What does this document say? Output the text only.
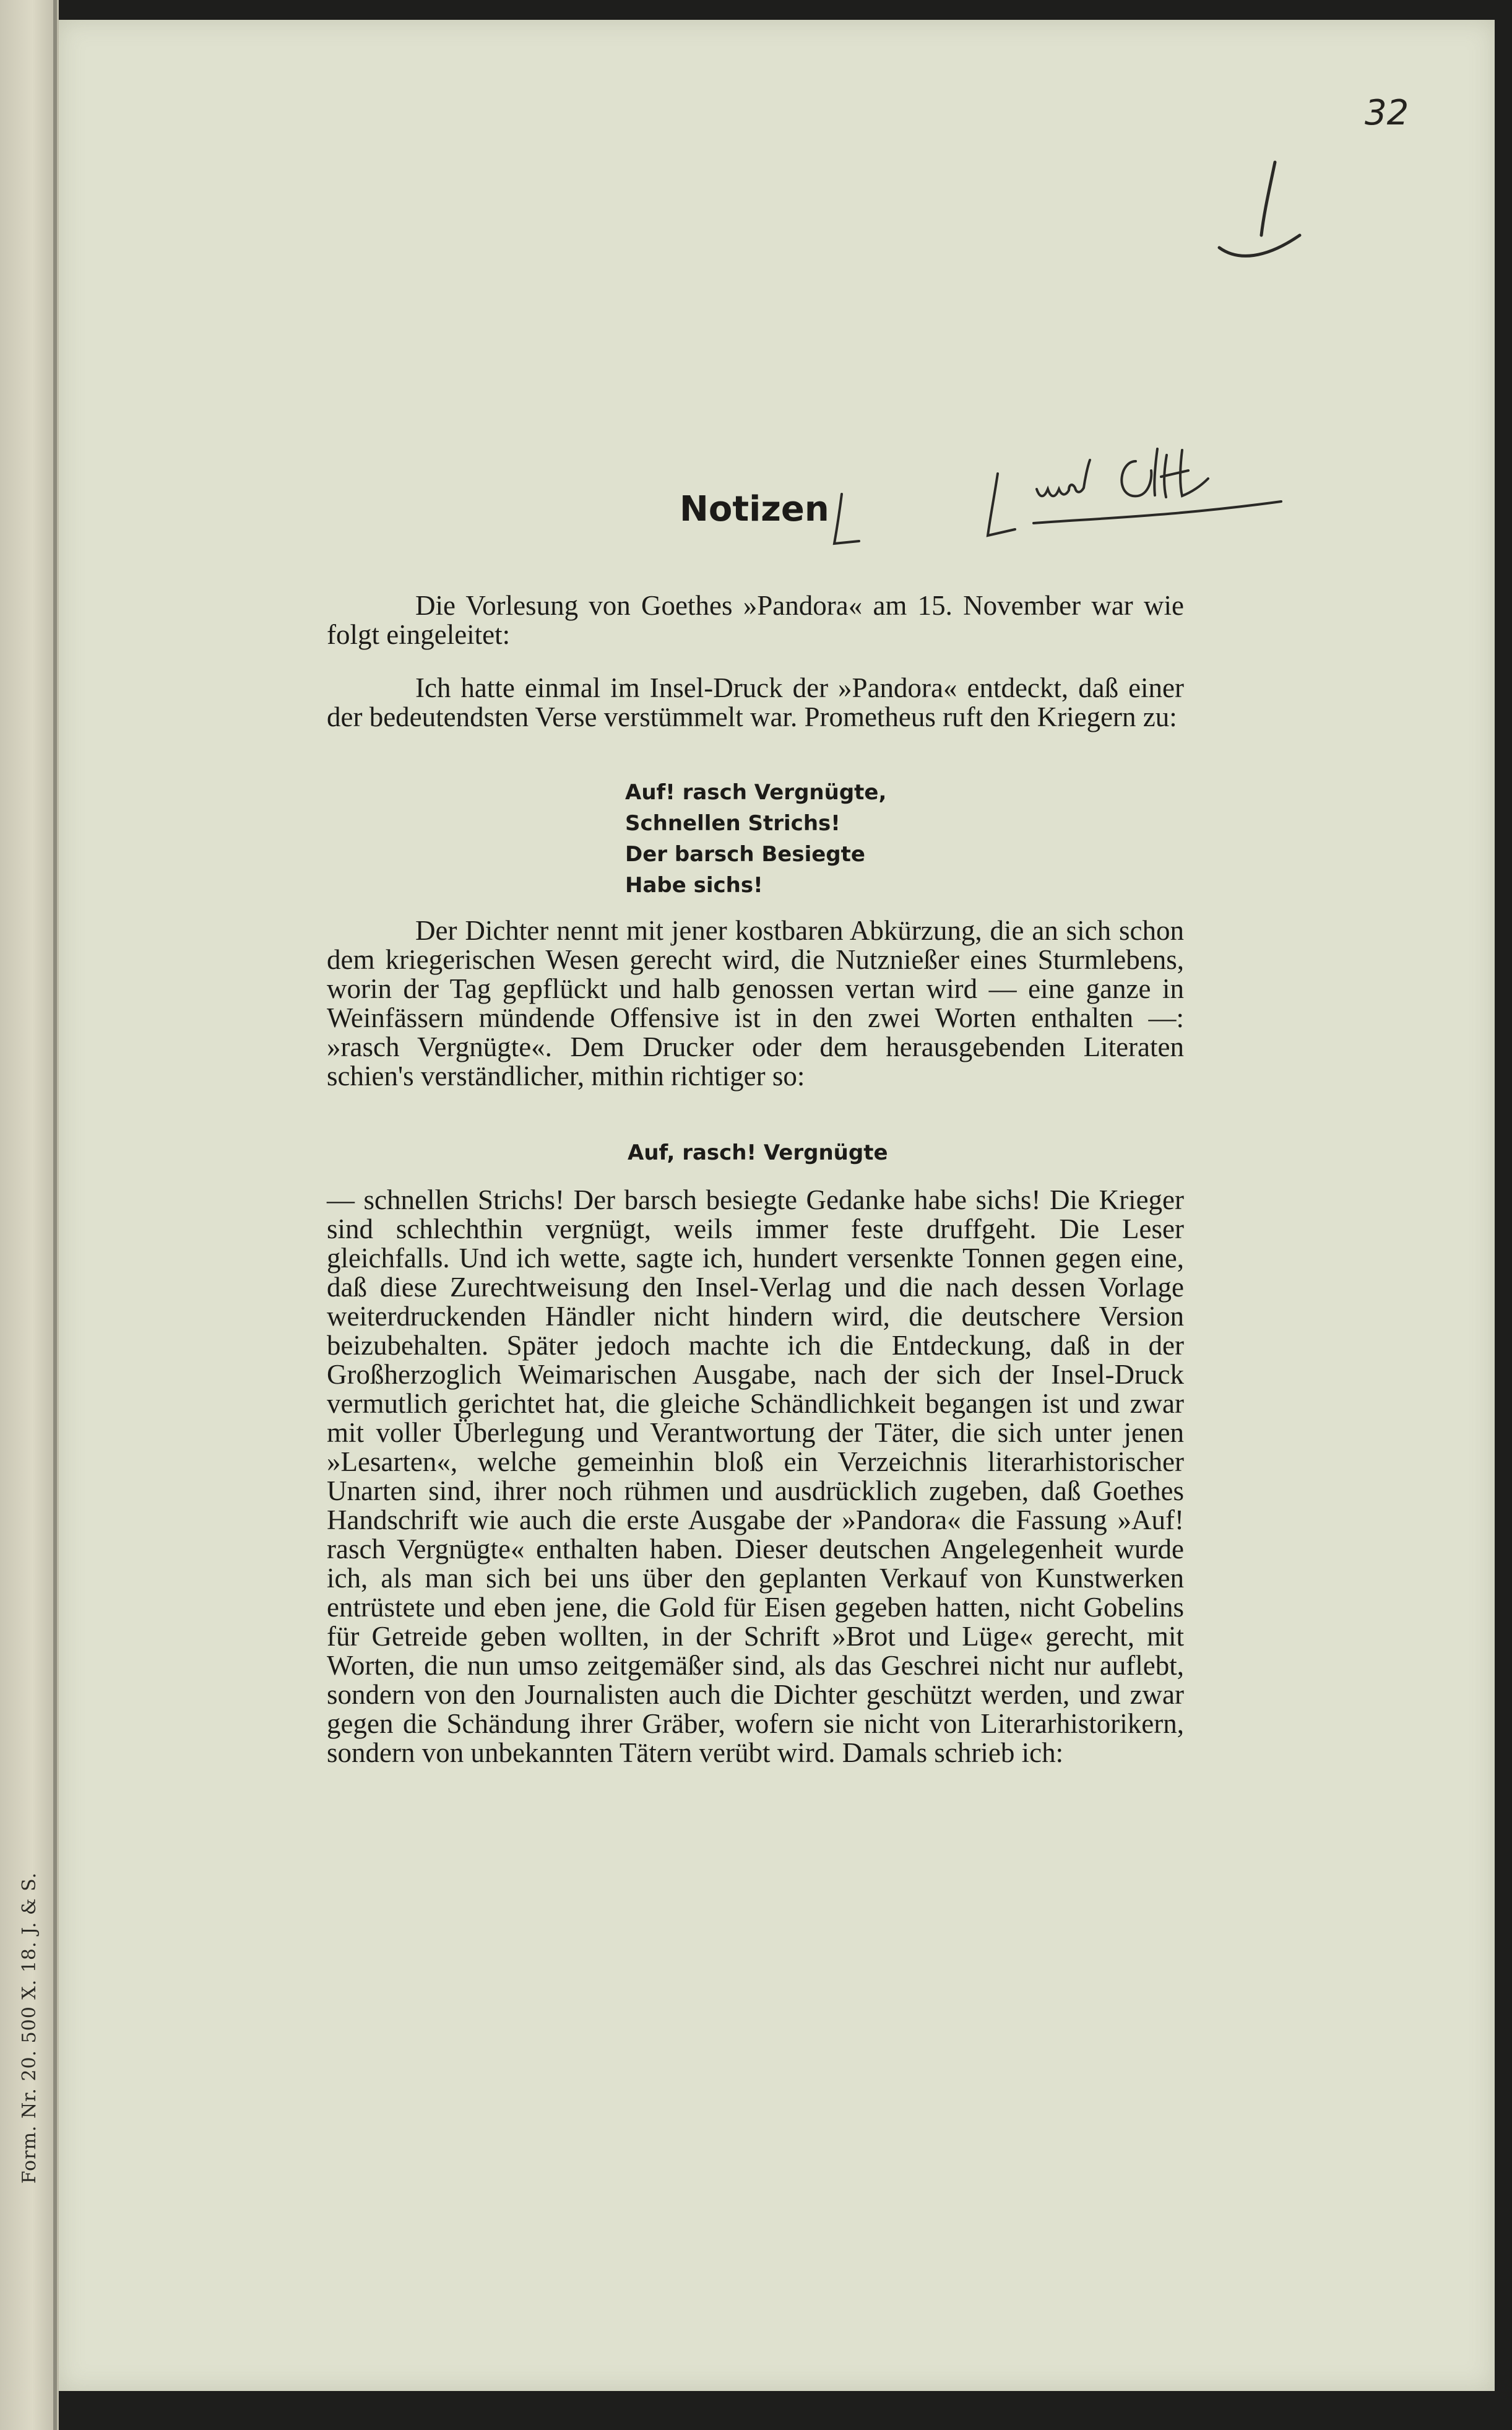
Form. Nr. 20. 500 X. 18. J. & S.
32
Notizen

Die Vorlesung von Goethes »Pandora« am 15. November war wie folgt eingeleitet:

Ich hatte einmal im Insel-Druck der »Pandora« entdeckt, daß einer der bedeutendsten Verse verstümmelt war. Prometheus ruft den Kriegern zu:

Auf! rasch Vergnügte,
Schnellen Strichs!
Der barsch Besiegte
Habe sichs!

Der Dichter nennt mit jener kostbaren Abkürzung, die an sich schon dem kriegerischen Wesen gerecht wird, die Nutznießer eines Sturmlebens, worin der Tag gepflückt und halb genossen vertan wird — eine ganze in Weinfässern mündende Offensive ist in den zwei Worten enthalten —: »rasch Vergnügte«. Dem Drucker oder dem herausgebenden Literaten schien's verständlicher, mithin richtiger so:

Auf, rasch! Vergnügte

— schnellen Strichs! Der barsch besiegte Gedanke habe sichs! Die Krieger sind schlechthin vergnügt, weils immer feste druffgeht. Die Leser gleichfalls. Und ich wette, sagte ich, hundert versenkte Tonnen gegen eine, daß diese Zurechtweisung den Insel-Verlag und die nach dessen Vorlage weiterdruckenden Händler nicht hindern wird, die deutschere Version beizubehalten. Später jedoch machte ich die Entdeckung, daß in der Großherzoglich Weimarischen Ausgabe, nach der sich der Insel-Druck vermutlich gerichtet hat, die gleiche Schändlichkeit begangen ist und zwar mit voller Überlegung und Verantwortung der Täter, die sich unter jenen »Lesarten«, welche gemeinhin bloß ein Verzeichnis literarhistorischer Unarten sind, ihrer noch rühmen und ausdrücklich zugeben, daß Goethes Handschrift wie auch die erste Ausgabe der »Pandora« die Fassung »Auf! rasch Vergnügte« enthalten haben. Dieser deutschen Angelegenheit wurde ich, als man sich bei uns über den geplanten Verkauf von Kunstwerken entrüstete und eben jene, die Gold für Eisen gegeben hatten, nicht Gobelins für Getreide geben wollten, in der Schrift »Brot und Lüge« gerecht, mit Worten, die nun umso zeitgemäßer sind, als das Geschrei nicht nur auflebt, sondern von den Journalisten auch die Dichter geschützt werden, und zwar gegen die Schändung ihrer Gräber, wofern sie nicht von Literarhistorikern, sondern von unbekannten Tätern verübt wird. Damals schrieb ich:
